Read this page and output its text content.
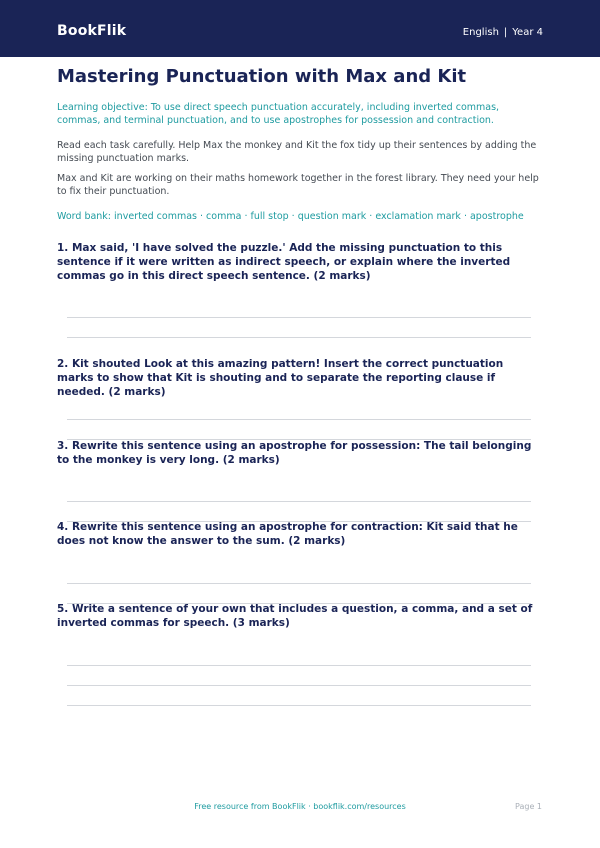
BookFlik	English | Year 4
Mastering Punctuation with Max and Kit

Learning objective: To use direct speech punctuation accurately, including inverted commas, commas, and terminal punctuation, and to use apostrophes for possession and contraction.

Read each task carefully. Help Max the monkey and Kit the fox tidy up their sentences by adding the missing punctuation marks.

Max and Kit are working on their maths homework together in the forest library. They need your help to fix their punctuation.

Word bank: inverted commas · comma · full stop · question mark · exclamation mark · apostrophe

1. Max said, 'I have solved the puzzle.' Add the missing punctuation to this sentence if it were written as indirect speech, or explain where the inverted commas go in this direct speech sentence. (2 marks)

2. Kit shouted Look at this amazing pattern! Insert the correct punctuation marks to show that Kit is shouting and to separate the reporting clause if needed. (2 marks)

3. Rewrite this sentence using an apostrophe for possession: The tail belonging to the monkey is very long. (2 marks)

4. Rewrite this sentence using an apostrophe for contraction: Kit said that he does not know the answer to the sum. (2 marks)

5. Write a sentence of your own that includes a question, a comma, and a set of inverted commas for speech. (3 marks)

Free resource from BookFlik · bookflik.com/resources	Page 1
